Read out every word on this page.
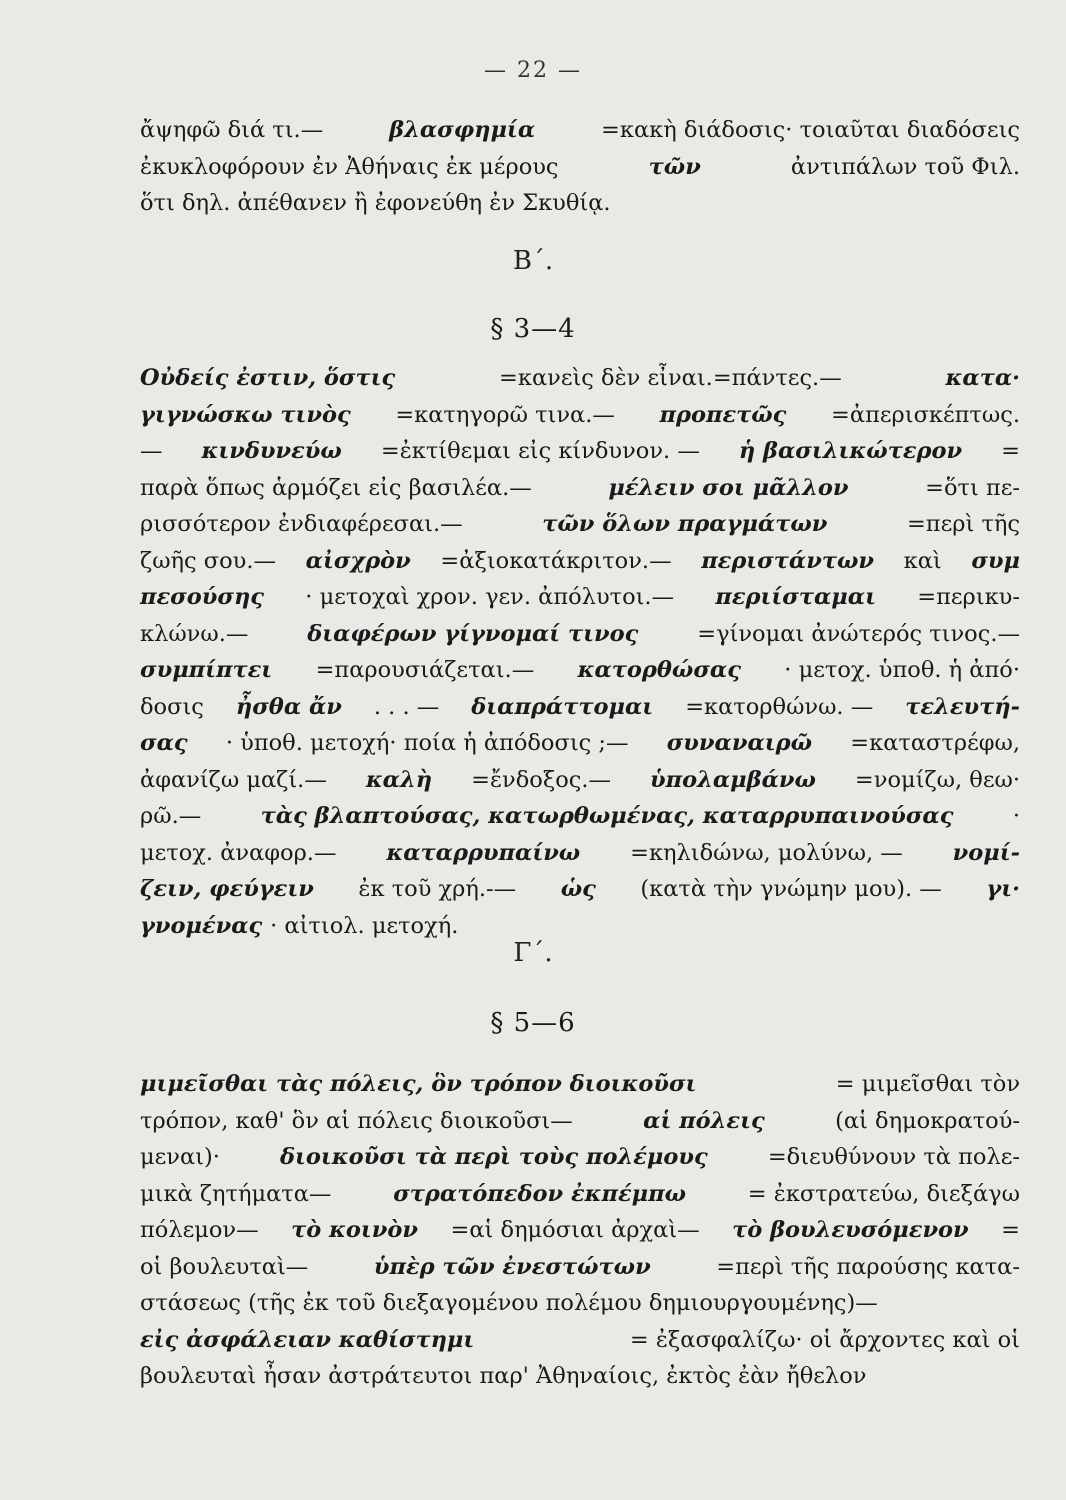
— 22 —
ἄψηφῶ διά τι.—	βλασφημία	=κακὴ διάδοσις· τοιαῦται διαδόσεις
ἐκυκλοφόρουν ἐν Ἀθήναις ἐκ μέρους	τῶν	ἀντιπάλων τοῦ Φιλ.
ὅτι δηλ. ἀπέθανεν ἢ ἐφονεύθη ἐν Σκυθίᾳ.
Β΄.
§ 3—4
Οὐδείς ἐστιν, ὅστις	=κανεὶς δὲν εἶναι.=πάντες.—	κατα·
γιγνώσκω τινὸς =κατηγορῶ τινα.— προπετῶς =ἀπερισκέπτως.
— κινδυνεύω =ἐκτίθεμαι εἰς κίνδυνον. — ἡ βασιλικώτερον =
παρὰ ὅπως ἁρμόζει εἰς βασιλέα.—	μέλειν σοι μᾶλλον	=ὅτι πε-
ρισσότερον ἐνδιαφέρεσαι.—	τῶν ὅλων πραγμάτων	=περὶ τῆς
ζωῆς σου.— αἰσχρὸν =ἀξιοκατάκριτον.— περιστάντων καὶ συμ
πεσούσης · μετοχαὶ χρον. γεν. ἀπόλυτοι.— περιίσταμαι =περικυ-
κλώνω.—	διαφέρων γίγνομαί τινος	=γίνομαι ἀνώτερός τινος.—
συμπίπτει =παρουσιάζεται.— κατορθώσας · μετοχ. ὑποθ. ἡ ἀπό·
δοσις ἦσθα ἄν . . . — διαπράττομαι =κατορθώνω. — τελευτή-
σας · ὑποθ. μετοχή· ποία ἡ ἀπόδοσις ;— συναναιρῶ =καταστρέφω,
ἀφανίζω μαζί.— καλὴ =ἔνδοξος.— ὑπολαμβάνω =νομίζω, θεω·
ρῶ.—	τὰς βλαπτούσας, κατωρθωμένας, καταρρυπαινούσας	·
μετοχ. ἀναφορ.— καταρρυπαίνω =κηλιδώνω, μολύνω, — νομί-
ζειν, φεύγειν ἐκ τοῦ χρή.-— ὡς (κατὰ τὴν γνώμην μου). — γι·
γνομένας · αἰτιολ. μετοχή.
Γ΄.
§ 5—6
μιμεῖσθαι τὰς πόλεις, ὃν τρόπον διοικοῦσι	= μιμεῖσθαι τὸν
τρόπον, καθ' ὃν αἱ πόλεις διοικοῦσι—	αἱ πόλεις	(αἱ δημοκρατού-
μεναι)·	διοικοῦσι τὰ περὶ τοὺς πολέμους	=διευθύνουν τὰ πολε-
μικὰ ζητήματα—	στρατόπεδον ἐκπέμπω	= ἐκστρατεύω, διεξάγω
πόλεμον— τὸ κοινὸν =αἱ δημόσιαι ἀρχαὶ— τὸ βουλευσόμενον =
οἱ βουλευταὶ—	ὑπὲρ τῶν ἐνεστώτων	=περὶ τῆς παρούσης κατα-
στάσεως (τῆς ἐκ τοῦ διεξαγομένου πολέμου δημιουργουμένης)—
εἰς ἀσφάλειαν καθίστημι	= ἐξασφαλίζω· οἱ ἄρχοντες καὶ οἱ
βουλευταὶ ἦσαν ἀστράτευτοι παρ' Ἀθηναίοις, ἐκτὸς ἐὰν ἤθελον
